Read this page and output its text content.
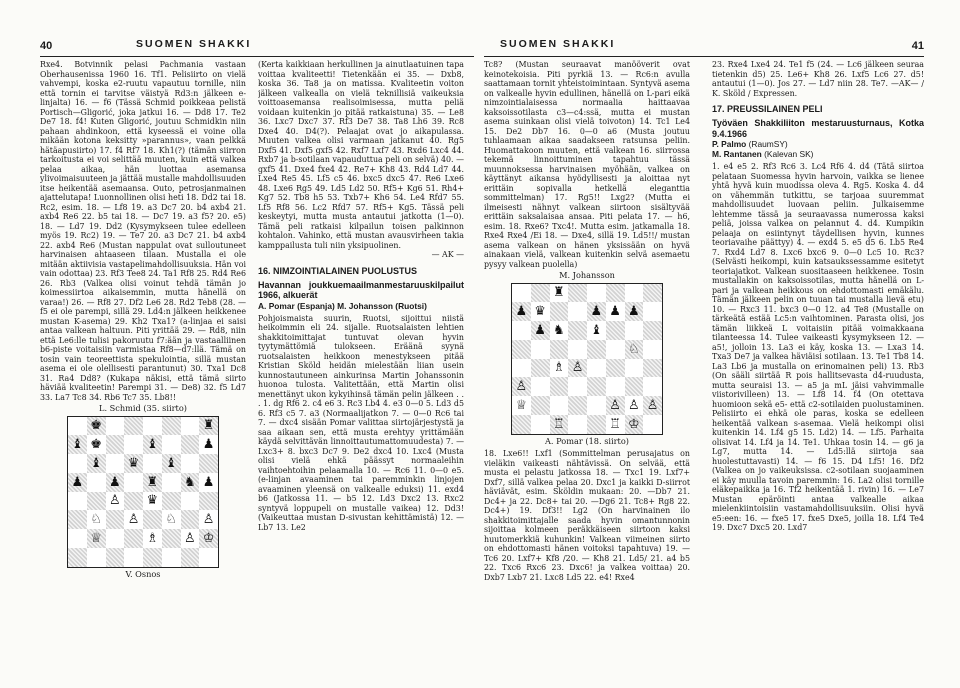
40	SUOMEN SHAKKI	SUOMEN SHAKKI	41

Rxe4. Botvinnik pelasi Pachmania vastaan Oberhausenissa 1960 16. Tf1. Pelisiirto on vielä vahvempi, koska e2-ruutu vapautuu tornille, niin että tornin ei tarvitse väistyä Rd3:n jälkeen e-linjalta) 16. — f6 (Tässä Schmid poikkeaa pelistä Portisch—Gligorić, joka jatkui 16. — Dd8 17. Te2 De7 18. f4! Kuten Gligorić, joutuu Schmidkin niin pahaan ahdinkoon, että kyseessä ei voine olla mikään kotona keksitty »parannus», vaan pelkkä hätäapusiirto) 17. f4 Rf7 18. Kh1(?) (tämän siirron tarkoitusta ei voi selittää muuten, kuin että valkea pelaa aikaa, hän luottaa asemansa ylivoimaisuuteen ja jättää mustalle mahdollisuuden itse heikentää asemaansa. Outo, petrosjanmainen ajattelutapa! Luonnollinen olisi heti 18. Dd2 tai 18. Rc2, esim. 18. — Lf8 19. a3 Dc7 20. b4 axb4 21. axb4 Re6 22. b5 tai 18. — Dc7 19. a3 f5? 20. e5) 18. — Ld7 19. Dd2 (Kysymykseen tulee edelleen myös 19. Rc2) 19. — Te7 20. a3 Dc7 21. b4 axb4 22. axb4 Re6 (Mustan nappulat ovat sulloutuneet harvinaisen ahtaaseen tilaan. Mustalla ei ole mitään aktiivisia vastapelimahdollisuuksia. Hän voi vain odottaa) 23. Rf3 Tee8 24. Ta1 Rf8 25. Rd4 Re6 26. Rb3 (Valkea olisi voinut tehdä tämän jo koimessiirtoa aikaisemmin, mutta hänellä on varaa!) 26. — Rf8 27. Df2 Le6 28. Rd2 Teb8 (28. — f5 ei ole parempi, sillä 29. Ld4:n jälkeen heikkenee mustan K-asema) 29. Kh2 Txa1? (a-linjaa ei saisi antaa valkean haltuun. Piti yrittää 29. — Rd8, niin että Le6:lle tulisi pakoruutu f7:ään ja vastaalliinen b6-piste voitaisiin varmistaa Rf8—d7:llä. Tämä on tosin vain teoreettista spekulointia, sillä mustan asema ei ole olellisesti parantunut) 30. Txa1 Dc8 31. Ra4 Dd8? (Kukapa näkisi, että tämä siirto häviää kvaliteetin! Parempi 31. — De8) 32. f5 Ld7 33. La7 Tc8 34. Rb6 Tc7 35. Lb8!!

L. Schmid (35. siirto)
♚	♜
♝ ♚	♝	♟
♝ ♛ ♝
♟ ♟ ♜ ♞ ♟
♙ ♛
♘ ♙ ♘ ♙
♕	♗ ♙ ♔
V. Osnos

(Kerta kaikkiaan herkullinen ja ainutlaatuinen tapa voittaa kvaliteetti! Tietenkään ei 35. — Dxb8, koska 36. Ta8 ja on matissa. Kvaliteetin voiton jälkeen valkealla on vielä teknillisiä vaikeuksia voittoasemansa realisoimisessa, mutta peliä voidaan kuitenkin jo pitää ratkaistuna) 35. — Le8 36. Lxc7 Dxc7 37. Rf3 De7 38. Ta8 Lh6 39. Rc8 Dxe4 40. D4(?). Pelaajat ovat jo aikapulassa. Muuten valkea olisi varmaan jatkanut 40. Rg5 Dxf5 41. Dxf5 gxf5 42. Rxf7 Lxf7 43. Rxd6 Lxc4 44. Rxb7 ja b-sotilaan vapauduttua peli on selvä) 40. — gxf5 41. Dxe4 fxe4 42. Re7+ Kh8 43. Rd4 Ld7 44. Lxe4 Re5 45. Lf5 c5 46. bxc5 dxc5 47. Re6 Lxe6 48. Lxe6 Rg5 49. Ld5 Ld2 50. Rf5+ Kg6 51. Rh4+ Kg7 52. Tb8 h5 53. Txb7+ Kh6 54. Le4 Rfd7 55. Lf5 Rf8 56. Lc2 Rfd7 57. Rf5+ Kg5. Tässä peli keskeytyi, mutta musta antautui jatkotta (1—0). Tämä peli ratkaisi kilpailun toisen palkinnon kohtalon. Vahinko, että mustan avausvirheen takia kamppailusta tuli niin yksipuolinen.

— AK —

16. NIMZOINTIALAINEN PUOLUSTUS
Havannan joukkuemaailmanmestaruuskilpailut 1966, alkuerät
A. Pomar (Espanja) M. Johansson (Ruotsi)

Pohjoismaista suurin, Ruotsi, sijoittui niistä heikoimmin eli 24. sijalle. Ruotsalaisten lehtien shakkitoimittajat tuntuvat olevan hyvin tyytymättömiä tulokseen. Eräänä syynä ruotsalaisten heikkoon menestykseen pitää Kristian Sköld heidän mielestään liian usein kunnostautuneen ainkurinsa Martin Johanssonin huonoa tulosta. Valitettään, että Martin olisi menettänyt ukon kykyihinsä tämän pelin jälkeen . . . 1. dg Rf6 2. c4 e6 3. Rc3 Lb4 4. e3 0—0 5. Ld3 d5 6. Rf3 c5 7. a3 (Normaalijatkon 7. — 0—0 Rc6 tai 7. — dxc4 sisään Pomar valittaa siirtojärjestystä ja saa aikaan sen, että musta erehtyy yrittämään käydä selvittävän linnoittautumattomuudesta) 7. — Lxc3+ 8. bxc3 Dc7 9. De2 dxc4 10. Lxc4 (Musta olisi vielä ehkä päässyt normaaleihin vaihtoehtoihin pelaamalla 10. — Rc6 11. 0—0 e5. (e-linjan avaaminen tai paremminkin linjojen avaaminen yleensä on valkealle eduksi) 11. exd4 b6 (Jatkossa 11. — b5 12. Ld3 Dxc2 13. Rxc2 syntyvä loppupeli on mustalle vaikea) 12. Dd3! (Vaikeuttaa mustan D-sivustan kehittämistä) 12. — Lb7 13. Le2

Tc8? (Mustan seuraavat manööverit ovat keinotekoisia. Piti pyrkiä 13. — Rc6:n avulla saattamaan tornit yhteistoimintaan. Syntyvä asema on valkealle hyvin edullinen, hänellä on L-pari eikä nimzointialaisessa normaalia haittaavaa kaksoissotilasta c3—c4:ssä, mutta ei mustan asema suinkaan olisi vielä toivoton) 14. Tc1 Le4 15. De2 Db7 16. 0—0 a6 (Musta joutuu tuhlaamaan aikaa saadakseen ratsunsa peliin. Huomattakoon muuten, että valkean 16. siirrossa tekemä linnoittuminen tapahtuu tässä muunnoksessa harvinaisen myöhään, valkea on käyttänyt aikansa hyödyllisesti ja aloittaa nyt erittäin sopivalla hetkellä eleganttia sommittelman) 17. Rg5!! Lxg2? (Mutta ei ilmeisesti nähnyt valkean siirtoon sisältyvää erittäin saksalaisaa ansaa. Piti pelata 17. — h6, esim. 18. Rxe6? Txc4!. Mutta esim. jatkamalla 18. Rxe4 Rxe4 /Ei 18. — Dxe4, sillä 19. Ld5!!/ mustan asema valkean on hänen yksissään on hyvä ainakaan vielä, valkean kuitenkin selvä asemaetu pysyy valkean puolella)

M. Johansson
♜
♟ ♛	♟ ♟ ♟
♟ ♞ ♝
♘
♗ ♙
♙
♕	♙ ♙ ♙
♖	♖ ♔
A. Pomar (18. siirto)

18. Lxe6!! Lxf1 (Sommittelman perusajatus on vieläkin vaikeasti nähtävissä. On selvää, että musta ei pelastu jatkossa 18. — Txc1 19. Lxf7+ Dxf7, sillä valkea pelaa 20. Dxc1 ja kaikki D-siirrot häviävät, esim. Sköldin mukaan: 20. —Db7 21. Dc4+ ja 22. Dc8+ tai 20. —Dg6 21. Tc8+ Rg8 22. Dc4+) 19. Df3!! Lg2 (On harvinainen ilo shakkitoimittajalle saada hyvin omantunnonin sijoittaa kolmeen peräkkäiseen siirtoon kaksi huutomerkkiä kuhunkin! Valkean viimeinen siirto on ehdottomasti hänen voitoksi tapahtuva) 19. — Tc6 20. Lxf7+ Kf8 /20. — Kh8 21. Ld5/ 21. a4 b5 22. Txc6 Rxc6 23. Dxc6! ja valkea voittaa) 20. Dxb7 Lxb7 21. Lxc8 Ld5 22. e4! Rxe4

23. Rxe4 Lxe4 24. Te1 f5 (24. — Lc6 jälkeen seuraa tietenkin d5) 25. Le6+ Kh8 26. Lxf5 Lc6 27. d5! antautui (1—0). Jos 27. — Ld7 niin 28. Te7. —AK— / K. Sköld / Expressen.

17. PREUSSILAINEN PELI
Työväen Shakkiliiton mestaruusturnaus, Kotka 9.4.1966
P. Palmo (RaumSY)
M. Rantanen (Kalevan SK)

1. e4 e5 2. Rf3 Rc6 3. Lc4 Rf6 4. d4 (Tätä siirtoa pelataan Suomessa hyvin harvoin, vaikka se lienee yhtä hyvä kuin muodissa oleva 4. Rg5. Koska 4. d4 on vähemmän tutkittu, se tarjoaa suuremmat mahdollisuudet luovaan peliin. Julkaisemme lehtemme tässä ja seuraavassa numerossa kaksi peliä, joissa valkea on pelannut 4. d4. Kumpikin pelaaja on esiintynyt täydellisen hyvin, kunnes teoriavaihe päättyy) 4. — exd4 5. e5 d5 6. Lb5 Re4 7. Rxd4 Ld7 8. Lxc6 bxc6 9. 0—0 Lc5 10. Rc3? (Selvästi heikompi, kuin katsaukssessamme esitetyt teoriajatkot. Valkean suositaaseen heikkenee. Tosin mustallakin on kaksoissotilas, mutta hänellä on L-pari ja valkean heikkous on ehdottomasti emäkälu. Tämän jälkeen pelin on tuuan tai mustalla lievä etu) 10. — Rxc3 11. bxc3 0—0 12. a4 Te8 (Mustalle on tärkeätä estää Lc5:n vaihtominen. Parasta olisi, jos tämän liikkeä L voitaisiin pitää voimakkaana tilanteessa 14. Tulee vaikeasti kysymykseen 12. — a5!, jolloin 13. La3 ei käy, koska 13. — Lxa3 14. Txa3 De7 ja valkea häviäisi sotilaan. 13. Te1 Tb8 14. La3 Lb6 ja mustalla on erinomainen peli) 13. Rb3 (On sääli siirtää R pois hallitsevasta d4-ruudusta, mutta seuraisi 13. — a5 ja mL jäisi vahvimmalle viistorivilleen) 13. — Lf8 14. f4 (On otettava huomioon sekä e5- että c2-sotilaiden puolustaminen. Pelisiirto ei ehkä ole paras, koska se edelleen heikentää valkean s-asemaa. Vielä heikompi olisi kuitenkin 14. Lf4 g5 15. Ld2) 14. — Lf5. Parhaita olisivat 14. Lf4 ja 14. Te1. Uhkaa tosin 14. — g6 ja Lg7, mutta 14. — Ld5:llä siirtoja saa huolestuttavasti) 14. — f6 15. D4 Lf5! 16. Df2 (Valkea on jo vaikeuksissa. c2-sotilaan suojaaminen ei käy muulla tavoin paremmin: 16. La2 olisi tornille eläkepaikka ja 16. Tf2 heikentää 1. rivin) 16. — Le7 Mustan epäröinti antaa valkealle aikaa mielenkiintoisiin vastamahdollisuuksiin. Olisi hyvä e5:een: 16. — fxe5 17. fxe5 Dxe5, joilla 18. Lf4 Te4 19. Dxc7 Dxc5 20. Lxd7
